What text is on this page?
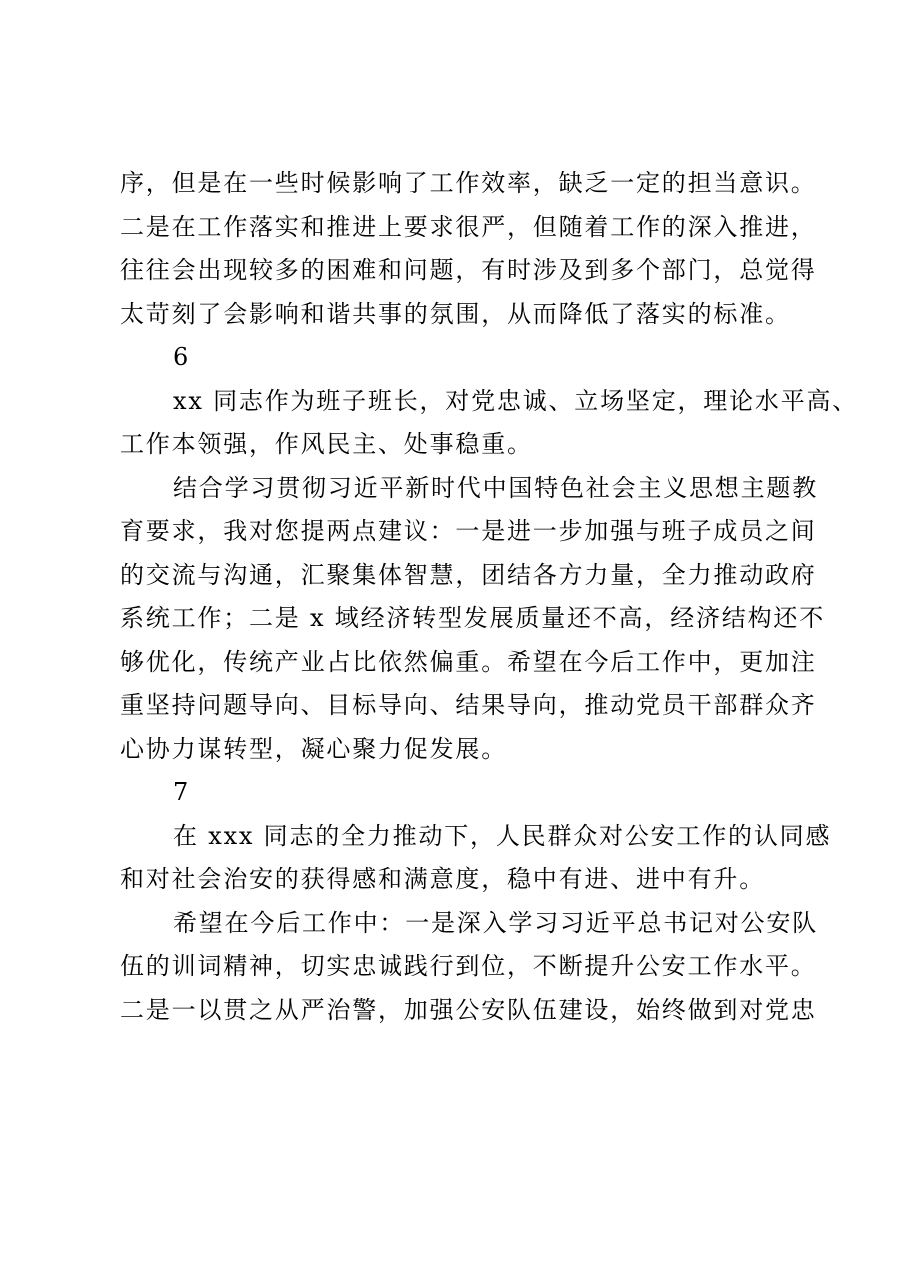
序，但是在一些时候影响了工作效率，缺乏一定的担当意识。
二是在工作落实和推进上要求很严，但随着工作的深入推进，
往往会出现较多的困难和问题，有时涉及到多个部门，总觉得
太苛刻了会影响和谐共事的氛围，从而降低了落实的标准。
6
xx 同志作为班子班长，对党忠诚、立场坚定，理论水平高、
工作本领强，作风民主、处事稳重。
结合学习贯彻习近平新时代中国特色社会主义思想主题教
育要求，我对您提两点建议：一是进一步加强与班子成员之间
的交流与沟通，汇聚集体智慧，团结各方力量，全力推动政府
系统工作；二是 x 域经济转型发展质量还不高，经济结构还不
够优化，传统产业占比依然偏重。希望在今后工作中，更加注
重坚持问题导向、目标导向、结果导向，推动党员干部群众齐
心协力谋转型，凝心聚力促发展。
7
在 xxx 同志的全力推动下，人民群众对公安工作的认同感
和对社会治安的获得感和满意度，稳中有进、进中有升。
希望在今后工作中：一是深入学习习近平总书记对公安队
伍的训词精神，切实忠诚践行到位，不断提升公安工作水平。
二是一以贯之从严治警，加强公安队伍建设，始终做到对党忠
